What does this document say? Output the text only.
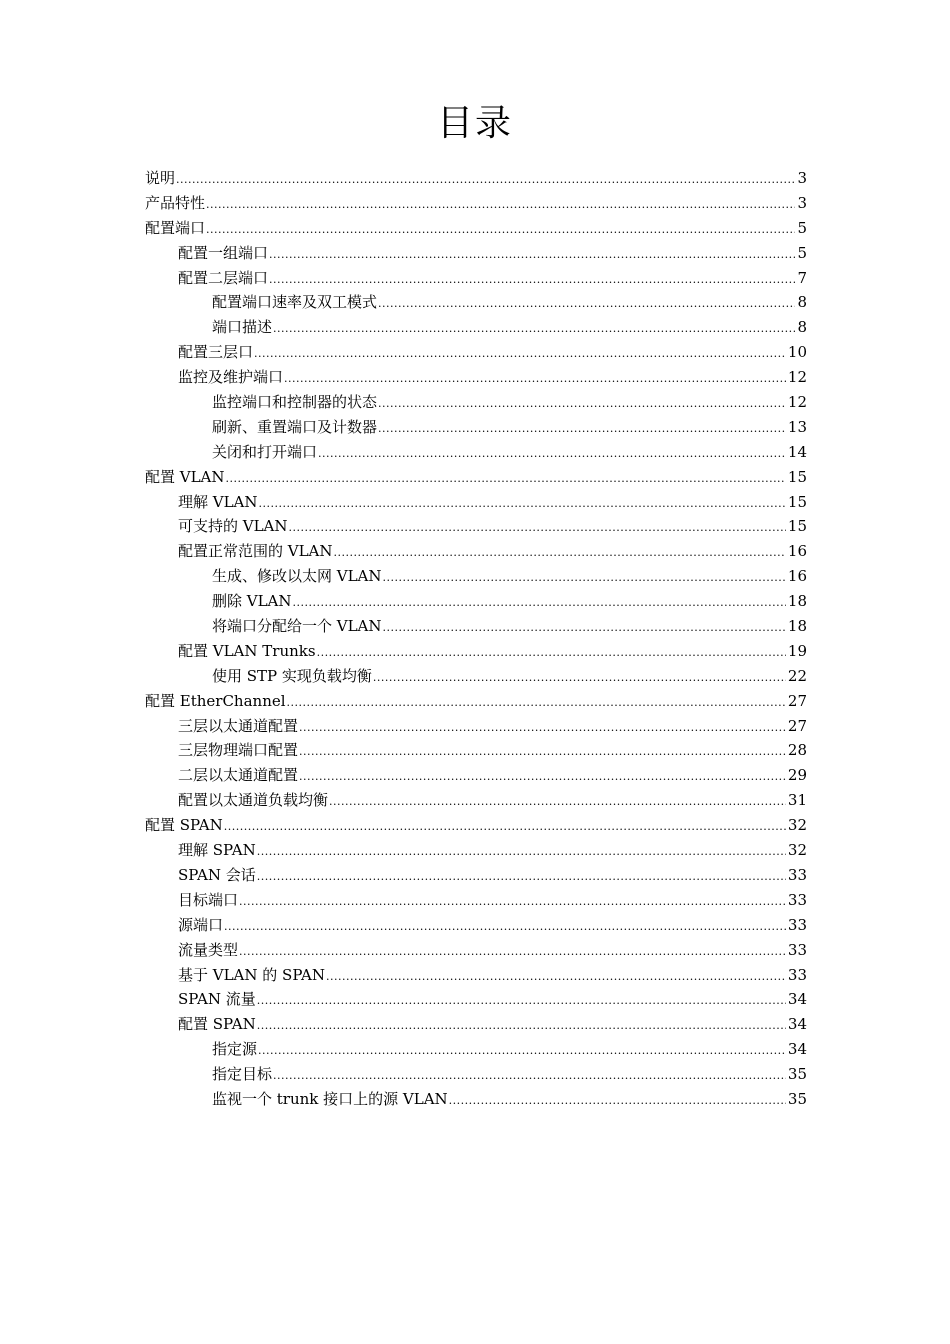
目录
说明 .....	3
产品特性 .....	3
配置端口 .....	5
配置一组端口 .....	5
配置二层端口 .....	7
配置端口速率及双工模式 .....	8
端口描述 .....	8
配置三层口 .....	10
监控及维护端口 .....	12
监控端口和控制器的状态 .....	12
刷新、重置端口及计数器 .....	13
关闭和打开端口 .....	14
配置 VLAN .....	15
理解 VLAN .....	15
可支持的 VLAN .....	15
配置正常范围的 VLAN .....	16
生成、修改以太网 VLAN .....	16
删除 VLAN .....	18
将端口分配给一个 VLAN .....	18
配置 VLAN Trunks .....	19
使用 STP 实现负载均衡 .....	22
配置 EtherChannel .....	27
三层以太通道配置 .....	27
三层物理端口配置 .....	28
二层以太通道配置 .....	29
配置以太通道负载均衡 .....	31
配置 SPAN .....	32
理解 SPAN .....	32
SPAN 会话 .....	33
目标端口 .....	33
源端口 .....	33
流量类型 .....	33
基于 VLAN 的 SPAN .....	33
SPAN 流量 .....	34
配置 SPAN .....	34
指定源 .....	34
指定目标 .....	35
监视一个 trunk 接口上的源 VLAN .....	35
